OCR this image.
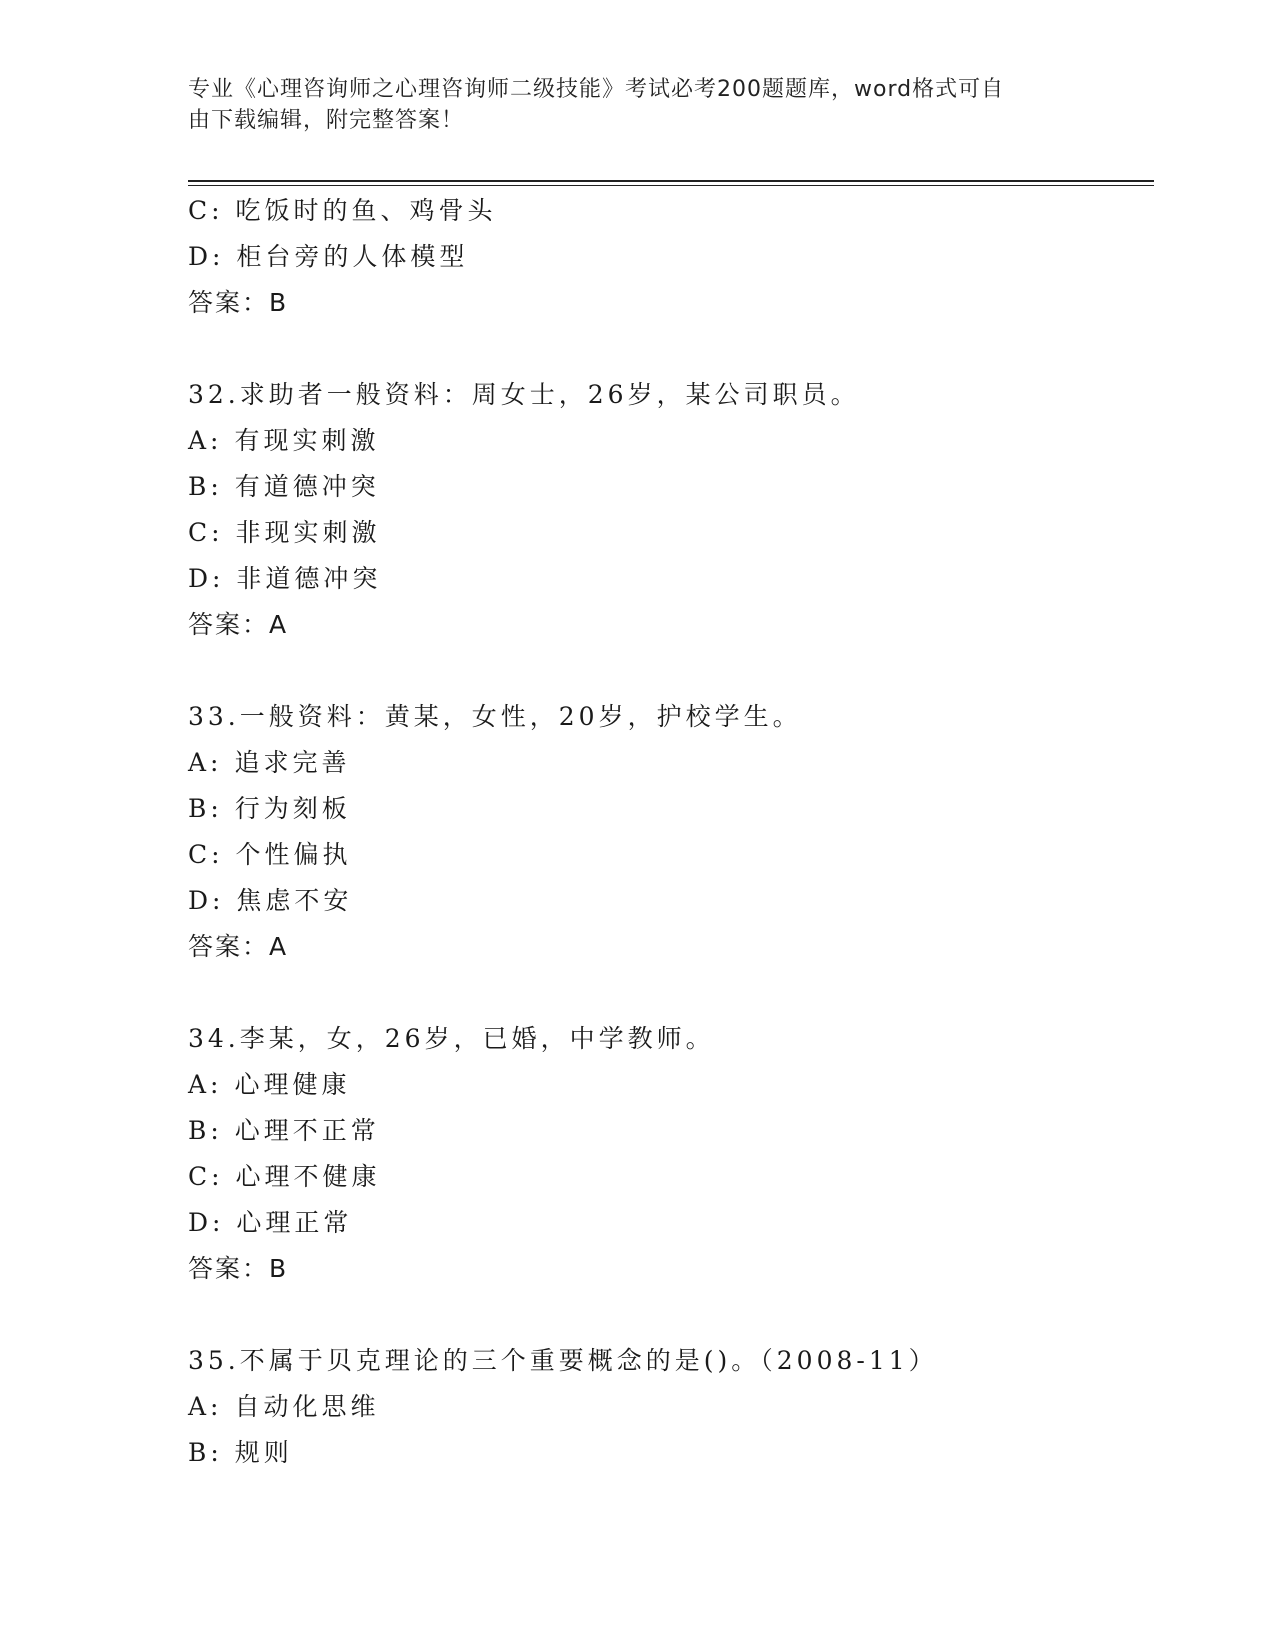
专业《心理咨询师之心理咨询师二级技能》考试必考200题题库，word格式可自
由下载编辑，附完整答案！
C: 吃饭时的鱼、鸡骨头
D: 柜台旁的人体模型
答案：B
32.求助者一般资料：周女士，26岁，某公司职员。
A: 有现实刺激
B: 有道德冲突
C: 非现实刺激
D: 非道德冲突
答案：A
33.一般资料：黄某，女性，20岁，护校学生。
A: 追求完善
B: 行为刻板
C: 个性偏执
D: 焦虑不安
答案：A
34.李某，女，26岁，已婚，中学教师。
A: 心理健康
B: 心理不正常
C: 心理不健康
D: 心理正常
答案：B
35.不属于贝克理论的三个重要概念的是()。（2008-11）
A: 自动化思维
B: 规则
